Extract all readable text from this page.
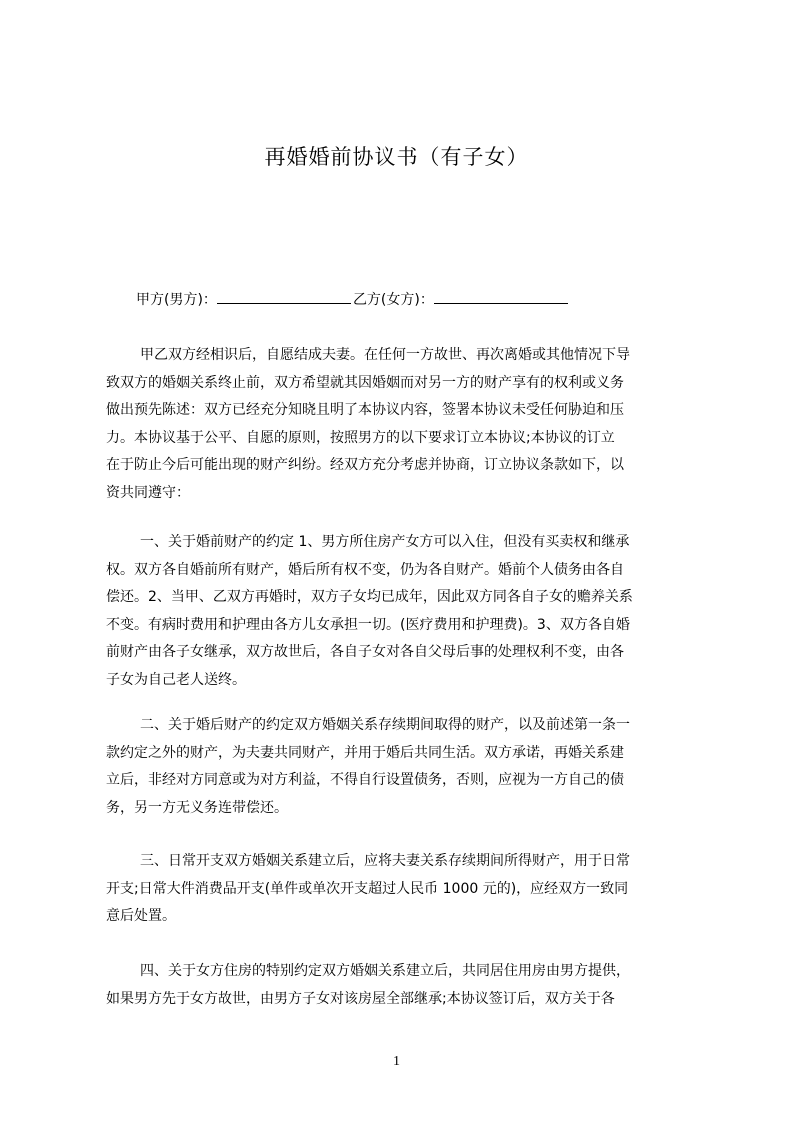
再婚婚前协议书（有子女）
甲方(男方)：	乙方(女方)：
甲乙双方经相识后，自愿结成夫妻。在任何一方故世、再次离婚或其他情况下导
致双方的婚姻关系终止前，双方希望就其因婚姻而对另一方的财产享有的权利或义务
做出预先陈述：双方已经充分知晓且明了本协议内容，签署本协议未受任何胁迫和压
力。本协议基于公平、自愿的原则，按照男方的以下要求订立本协议;本协议的订立
在于防止今后可能出现的财产纠纷。经双方充分考虑并协商，订立协议条款如下，以
资共同遵守：
一、关于婚前财产的约定 1、男方所住房产女方可以入住，但没有买卖权和继承
权。双方各自婚前所有财产，婚后所有权不变，仍为各自财产。婚前个人债务由各自
偿还。2、当甲、乙双方再婚时，双方子女均已成年，因此双方同各自子女的赡养关系
不变。有病时费用和护理由各方儿女承担一切。(医疗费用和护理费)。3、双方各自婚
前财产由各子女继承，双方故世后，各自子女对各自父母后事的处理权利不变，由各
子女为自己老人送终。
二、关于婚后财产的约定双方婚姻关系存续期间取得的财产，以及前述第一条一
款约定之外的财产，为夫妻共同财产，并用于婚后共同生活。双方承诺，再婚关系建
立后，非经对方同意或为对方利益，不得自行设置债务，否则，应视为一方自己的债
务，另一方无义务连带偿还。
三、日常开支双方婚姻关系建立后，应将夫妻关系存续期间所得财产，用于日常
开支;日常大件消费品开支(单件或单次开支超过人民币 1000 元的)，应经双方一致同
意后处置。
四、关于女方住房的特别约定双方婚姻关系建立后，共同居住用房由男方提供，
如果男方先于女方故世，由男方子女对该房屋全部继承;本协议签订后，双方关于各
1
